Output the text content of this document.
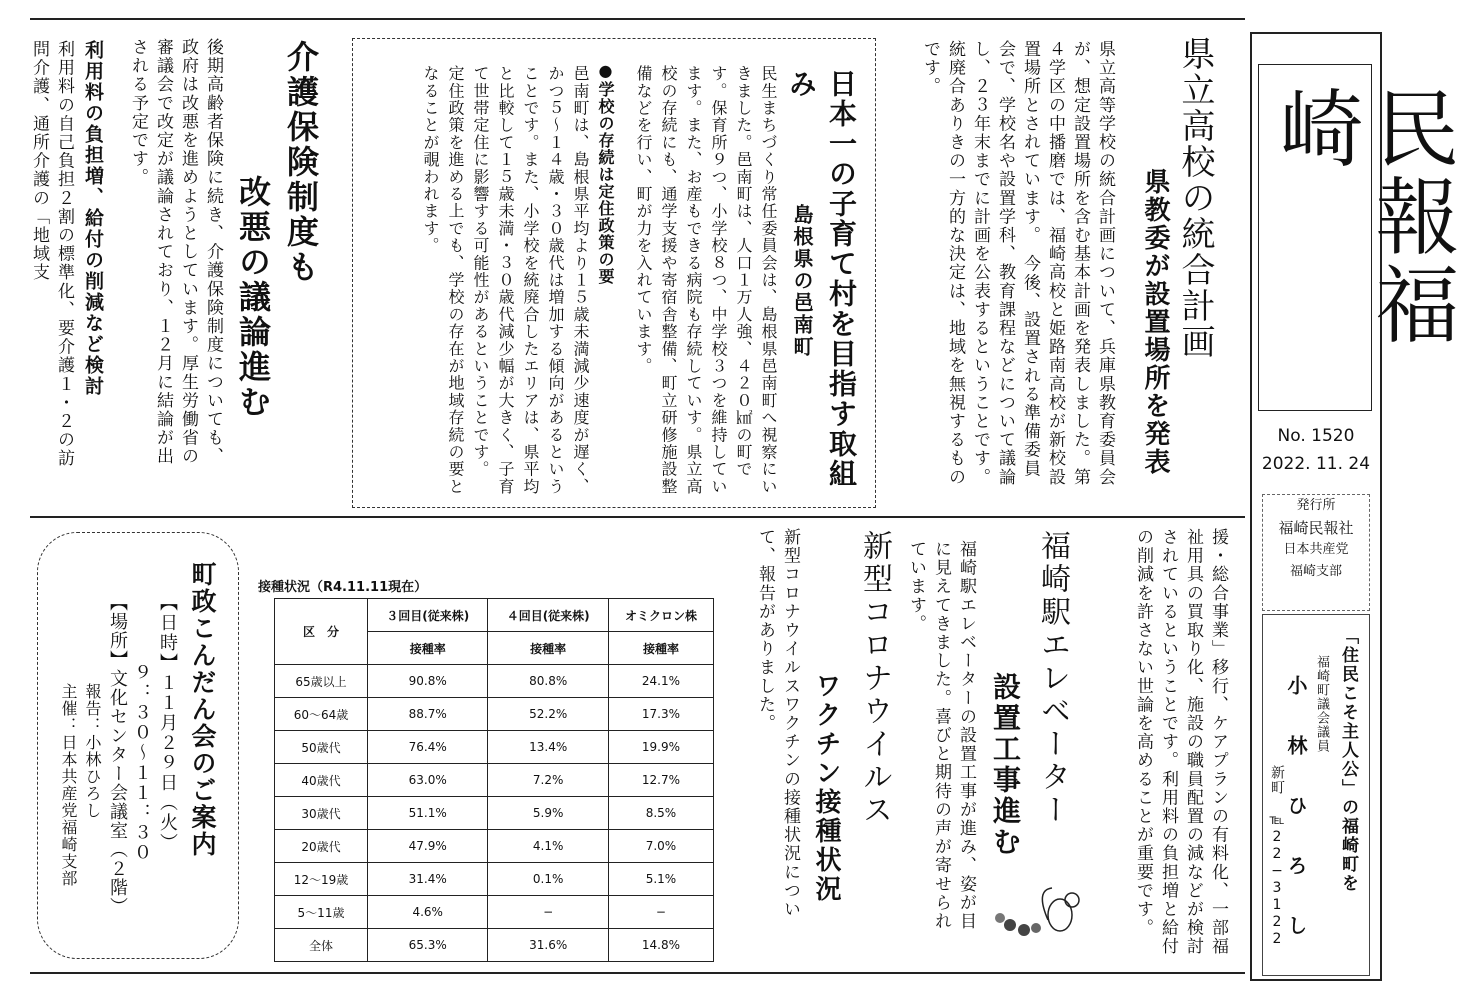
民報福崎
No. 1520
2022. 11. 24
発行所
福崎民報社
日本共産党
福崎支部
「住民こそ主人公」の福崎町を
福崎町議会議員
小 林 ひ ろ し
新町 ℡22−3122
県立高校の統合計画
県教委が設置場所を発表
県立高等学校の統合計画について、兵庫県教育委員会が、想定設置場所を含む基本計画を発表しました。第４学区の中播磨では、福崎高校と姫路南高校が新校設置場所とされています。　今後、設置される準備委員会で、学校名や設置学科、教育課程などについて議論し、２３年末までに計画を公表するということです。　統廃合ありきの一方的な決定は、地域を無視するものです。
日本一の子育て村を目指す取組み
島根県の邑南町
民生まちづくり常任委員会は、島根県邑南町へ視察にいきました。邑南町は、人口１万人強、４２０㎢の町です。保育所９つ、小学校８つ、中学校３つを維持しています。また、お産もできる病院も存続していす。県立高校の存続にも、通学支援や寄宿舎整備、町立研修施設整備などを行い、町が力を入れています。
●学校の存続は定住政策の要
邑南町は、島根県平均より１５歳未満減少速度が遅く、かつ５〜１４歳・３０歳代は増加する傾向があるということです。また、小学校を統廃合したエリアは、県平均と比較して１５歳未満・３０歳代減少幅が大きく、子育て世帯定住に影響する可能性があるということです。　定住政策を進める上でも、学校の存在が地域存続の要となることが覗われます。
介護保険制度も
改悪の議論進む
後期高齢者保険に続き、介護保険制度についても、政府は改悪を進めようとしています。厚生労働省の審議会で改定が議論されており、１２月に結論が出される予定です。
利用料の負担増、給付の削減など検討
利用料の自己負担２割の標準化、要介護１・２の訪問介護、通所介護の「地域支
援・総合事業」移行、ケアプランの有料化、一部福祉用具の買取り化、施設の職員配置の減などが検討されているということです。利用料の負担増と給付の削減を許さない世論を高めることが重要です。
福崎駅エレベーター
設置工事進む
福崎駅エレベーターの設置工事が進み、姿が目に見えてきました。喜びと期待の声が寄せられています。
新型コロナウイルス
ワクチン接種状況
新型コロナウイルスワクチンの接種状況について、報告がありました。
接種状況（R4.11.11現在）
区　分	３回目(従来株)	４回目(従来株)	オミクロン株
	接種率	接種率	接種率
65歳以上	90.8%	80.8%	24.1%
60〜64歳	88.7%	52.2%	17.3%
50歳代	76.4%	13.4%	19.9%
40歳代	63.0%	7.2%	12.7%
30歳代	51.1%	5.9%	8.5%
20歳代	47.9%	4.1%	7.0%
12〜19歳	31.4%	0.1%	5.1%
5〜11歳	4.6%	−	−
全体	65.3%	31.6%	14.8%
町政こんだん会のご案内
【日時】１１月２９日（火）
９：３０〜１１：３０
【場所】文化センター会議室（２階）
報告：小林ひろし
主催：日本共産党福崎支部
